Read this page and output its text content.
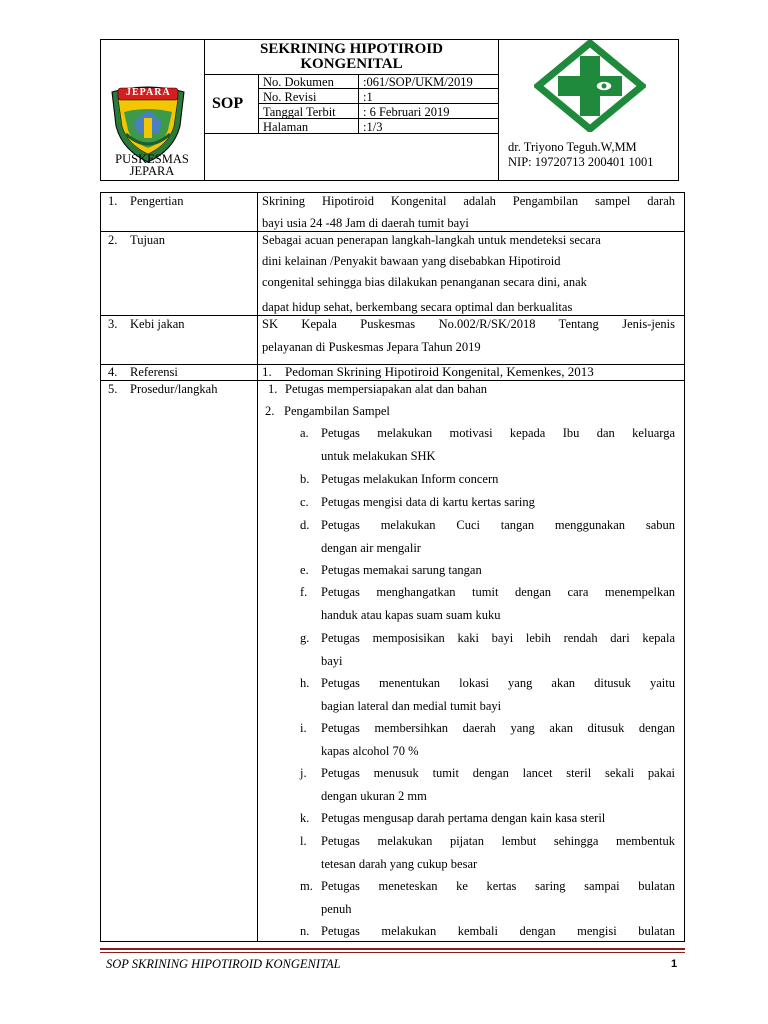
JEPARA
PUSKESMAS
JEPARA
SEKRINING HIPOTIROID
KONGENITAL
SOP
No. Dokumen :061/SOP/UKM/2019
No. Revisi	:1
Tanggal Terbit : 6 Februari 2019
Halaman	:1/3
dr. Triyono Teguh.W,MM
NIP: 19720713 200401 1001
1. Pengertian	Skrining Hipotiroid Kongenital adalah Pengambilan sampel darah
bayi usia 24 -48 Jam di daerah tumit bayi
2. Tujuan	Sebagai acuan penerapan langkah-langkah untuk mendeteksi secara
dini kelainan /Penyakit bawaan yang disebabkan Hipotiroid
congenital sehingga bias dilakukan penanganan secara dini, anak
dapat hidup sehat, berkembang secara optimal dan berkualitas
3. Kebi jakan	SK Kepala Puskesmas No.002/R/SK/2018 Tentang Jenis-jenis
pelayanan di Puskesmas Jepara Tahun 2019
4. Referensi	1. Pedoman Skrining Hipotiroid Kongenital, Kemenkes, 2013
5. Prosedur/langkah	1. Petugas mempersiapakan alat dan bahan
2. Pengambilan Sampel
a. Petugas melakukan motivasi kepada Ibu dan keluarga
untuk melakukan SHK
b. Petugas melakukan Inform concern
c. Petugas mengisi data di kartu kertas saring
d. Petugas melakukan Cuci tangan menggunakan sabun
dengan air mengalir
e. Petugas memakai sarung tangan
f. Petugas menghangatkan tumit dengan cara menempelkan
handuk atau kapas suam suam kuku
g. Petugas memposisikan kaki bayi lebih rendah dari kepala
bayi
h. Petugas menentukan lokasi yang akan ditusuk yaitu
bagian lateral dan medial tumit bayi
i. Petugas membersihkan daerah yang akan ditusuk dengan
kapas alcohol 70 %
j. Petugas menusuk tumit dengan lancet steril sekali pakai
dengan ukuran 2 mm
k. Petugas mengusap darah pertama dengan kain kasa steril
l. Petugas melakukan pijatan lembut sehingga membentuk
tetesan darah yang cukup besar
m. Petugas meneteskan ke kertas saring sampai bulatan
penuh
n. Petugas melakukan kembali dengan mengisi bulatan
SOP SKRINING HIPOTIROID KONGENITAL	1
